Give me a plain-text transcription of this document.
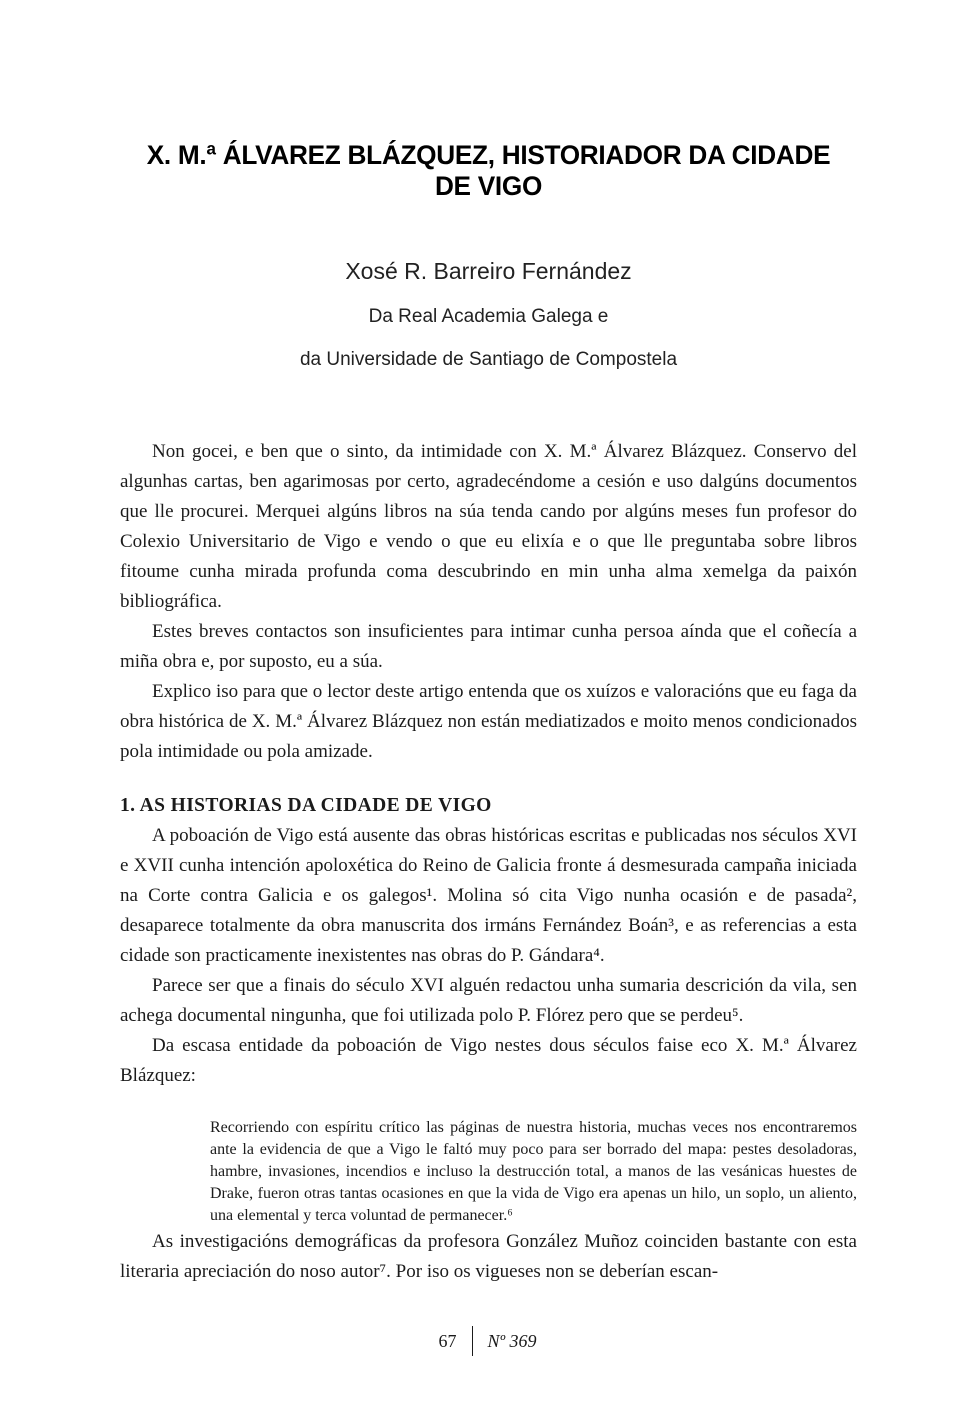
X. M.ª ÁLVAREZ BLÁZQUEZ, HISTORIADOR DA CIDADE DE VIGO
Xosé R. Barreiro Fernández
Da Real Academia Galega e
da Universidade de Santiago de Compostela

Non gocei, e ben que o sinto, da intimidade con X. M.ª Álvarez Blázquez. Conservo del algunhas cartas, ben agarimosas por certo, agradecéndome a cesión e uso dalgúns documentos que lle procurei. Merquei algúns libros na súa tenda cando por algúns meses fun profesor do Colexio Universitario de Vigo e vendo o que eu elixía e o que lle preguntaba sobre libros fitoume cunha mirada profunda coma descubrindo en min unha alma xemelga da paixón bibliográfica.

Estes breves contactos son insuficientes para intimar cunha persoa aínda que el coñecía a miña obra e, por suposto, eu a súa.

Explico iso para que o lector deste artigo entenda que os xuízos e valoracións que eu faga da obra histórica de X. M.ª Álvarez Blázquez non están mediatizados e moito menos condicionados pola intimidade ou pola amizade.

1. AS HISTORIAS DA CIDADE DE VIGO

A poboación de Vigo está ausente das obras históricas escritas e publicadas nos séculos XVI e XVII cunha intención apoloxética do Reino de Galicia fronte á desmesurada campaña iniciada na Corte contra Galicia e os galegos¹. Molina só cita Vigo nunha ocasión e de pasada², desaparece totalmente da obra manuscrita dos irmáns Fernández Boán³, e as referencias a esta cidade son practicamente inexistentes nas obras do P. Gándara⁴.

Parece ser que a finais do século XVI alguén redactou unha sumaria descrición da vila, sen achega documental ningunha, que foi utilizada polo P. Flórez pero que se perdeu⁵.

Da escasa entidade da poboación de Vigo nestes dous séculos faise eco X. M.ª Álvarez Blázquez:

Recorriendo con espíritu crítico las páginas de nuestra historia, muchas veces nos encontraremos ante la evidencia de que a Vigo le faltó muy poco para ser borrado del mapa: pestes desoladoras, hambre, invasiones, incendios e incluso la destrucción total, a manos de las vesánicas huestes de Drake, fueron otras tantas ocasiones en que la vida de Vigo era apenas un hilo, un soplo, un aliento, una elemental y terca voluntad de permanecer.⁶

As investigacións demográficas da profesora González Muñoz coinciden bastante con esta literaria apreciación do noso autor⁷. Por iso os vigueses non se deberían escan-

67 Nº 369
